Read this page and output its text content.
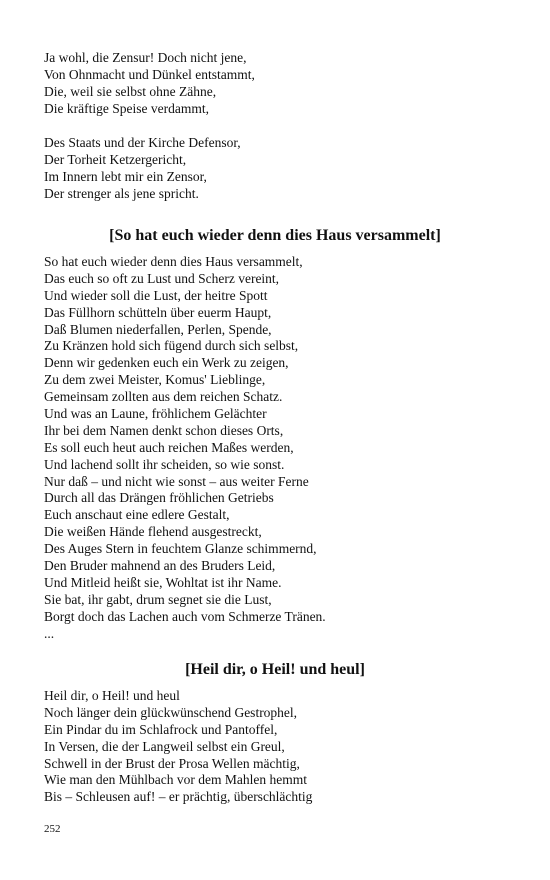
Ja wohl, die Zensur! Doch nicht jene,
Von Ohnmacht und Dünkel entstammt,
Die, weil sie selbst ohne Zähne,
Die kräftige Speise verdammt,
Des Staats und der Kirche Defensor,
Der Torheit Ketzergericht,
Im Innern lebt mir ein Zensor,
Der strenger als jene spricht.
[So hat euch wieder denn dies Haus versammelt]
So hat euch wieder denn dies Haus versammelt,
Das euch so oft zu Lust und Scherz vereint,
Und wieder soll die Lust, der heitre Spott
Das Füllhorn schütteln über euerm Haupt,
Daß Blumen niederfallen, Perlen, Spende,
Zu Kränzen hold sich fügend durch sich selbst,
Denn wir gedenken euch ein Werk zu zeigen,
Zu dem zwei Meister, Komus' Lieblinge,
Gemeinsam zollten aus dem reichen Schatz.
Und was an Laune, fröhlichem Gelächter
Ihr bei dem Namen denkt schon dieses Orts,
Es soll euch heut auch reichen Maßes werden,
Und lachend sollt ihr scheiden, so wie sonst.
Nur daß – und nicht wie sonst – aus weiter Ferne
Durch all das Drängen fröhlichen Getriebs
Euch anschaut eine edlere Gestalt,
Die weißen Hände flehend ausgestreckt,
Des Auges Stern in feuchtem Glanze schimmernd,
Den Bruder mahnend an des Bruders Leid,
Und Mitleid heißt sie, Wohltat ist ihr Name.
Sie bat, ihr gabt, drum segnet sie die Lust,
Borgt doch das Lachen auch vom Schmerze Tränen.
...
[Heil dir, o Heil! und heul]
Heil dir, o Heil! und heul
Noch länger dein glückwünschend Gestrophel,
Ein Pindar du im Schlafrock und Pantoffel,
In Versen, die der Langweil selbst ein Greul,
Schwell in der Brust der Prosa Wellen mächtig,
Wie man den Mühlbach vor dem Mahlen hemmt
Bis – Schleusen auf! – er prächtig, überschlächtig
252
